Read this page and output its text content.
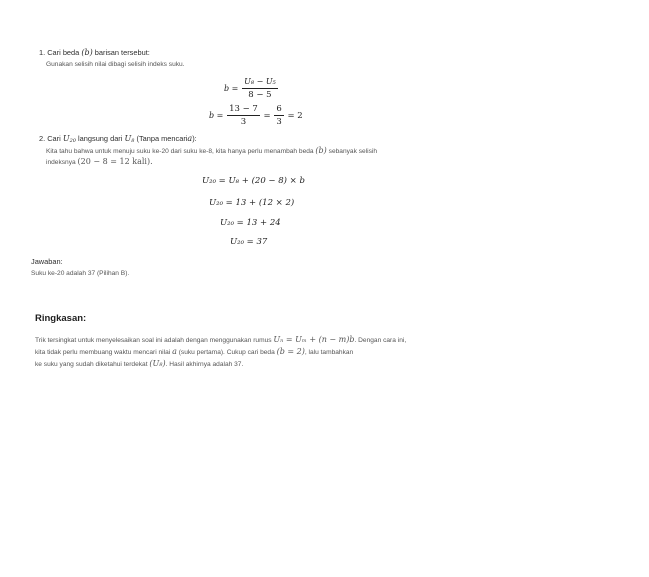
1. Cari beda (b) barisan tersebut:
Gunakan selisih nilai dibagi selisih indeks suku.
$b = \frac{\text{U₈ − U₅}}{8 - 5}$
$b = \frac{13 - 7}{3} = \frac{6}{3} = 2$
2. Cari $U_{20}$ langsung dari $U_8$ (Tanpa mencaria):
Kita tahu bahwa untuk menuju suku ke-20 dari suku ke-8, kita hanya perlu menambah beda (b) sebanyak selisih
indeksnya (20 − 8 = 12 kali).
U₂₀ = U₈ + (20 − 8) × b
U₂₀ = 13 + (12 × 2)
U₂₀ = 13 + 24
U₂₀ = 37
Jawaban:
Suku ke-20 adalah 37 (Pilihan B).
Ringkasan:
Trik tersingkat untuk menyelesaikan soal ini adalah dengan menggunakan rumus Uₙ = Uₘ + (n − m)b. Dengan cara ini,
kita tidak perlu membuang waktu mencari nilai a (suku pertama). Cukup cari beda (b = 2), lalu tambahkan
ke suku yang sudah diketahui terdekat (U₈). Hasil akhirnya adalah 37.
